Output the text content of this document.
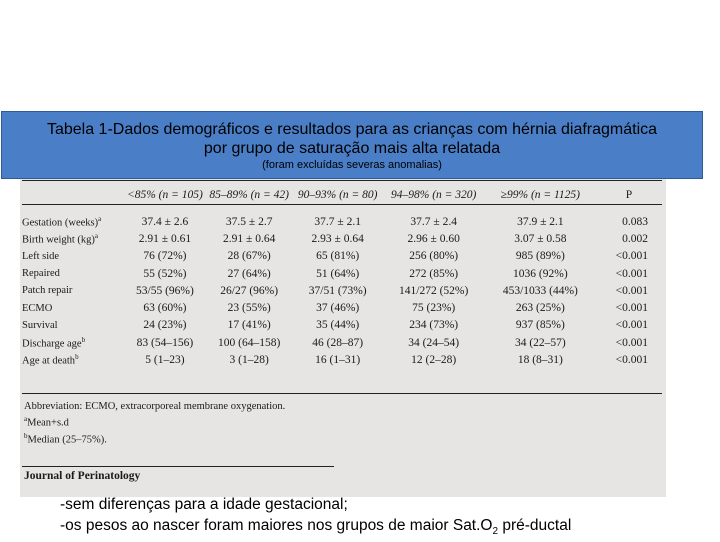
	<85% (n = 105)	85–89% (n = 42)	90–93% (n = 80)	94–98% (n = 320)	≥99% (n = 1125)	P
Gestation (weeks)$^a$	37.4 ± 2.6	37.5 ± 2.7	37.7 ± 2.1	37.7 ± 2.4	37.9 ± 2.1	0.083
Birth weight (kg)$^a$	2.91 ± 0.61	2.91 ± 0.64	2.93 ± 0.64	2.96 ± 0.60	3.07 ± 0.58	0.002
Left side	76 (72%)	28 (67%)	65 (81%)	256 (80%)	985 (89%)	<0.001
Repaired	55 (52%)	27 (64%)	51 (64%)	272 (85%)	1036 (92%)	<0.001
Patch repair	53/55 (96%)	26/27 (96%)	37/51 (73%)	141/272 (52%)	453/1033 (44%)	<0.001
ECMO	63 (60%)	23 (55%)	37 (46%)	75 (23%)	263 (25%)	<0.001
Survival	24 (23%)	17 (41%)	35 (44%)	234 (73%)	937 (85%)	<0.001
Discharge age$^b$	83 (54–156)	100 (64–158)	46 (28–87)	34 (24–54)	34 (22–57)	<0.001
Age at death$^b$	5 (1–23)	3 (1–28)	16 (1–31)	12 (2–28)	18 (8–31)	<0.001
Tabela 1-Dados demográficos e resultados para as crianças com hérnia diafragmática
por grupo de saturação mais alta relatada
(foram excluídas severas anomalias)
Abbreviation: ECMO, extracorporeal membrane oxygenation.
$^a$Mean+s.d
$^b$Median (25–75%).
Journal of Perinatology
-sem diferenças para a idade gestacional;
-os pesos ao nascer foram maiores nos grupos de maior $Sat.O_2$ pré-ductal
